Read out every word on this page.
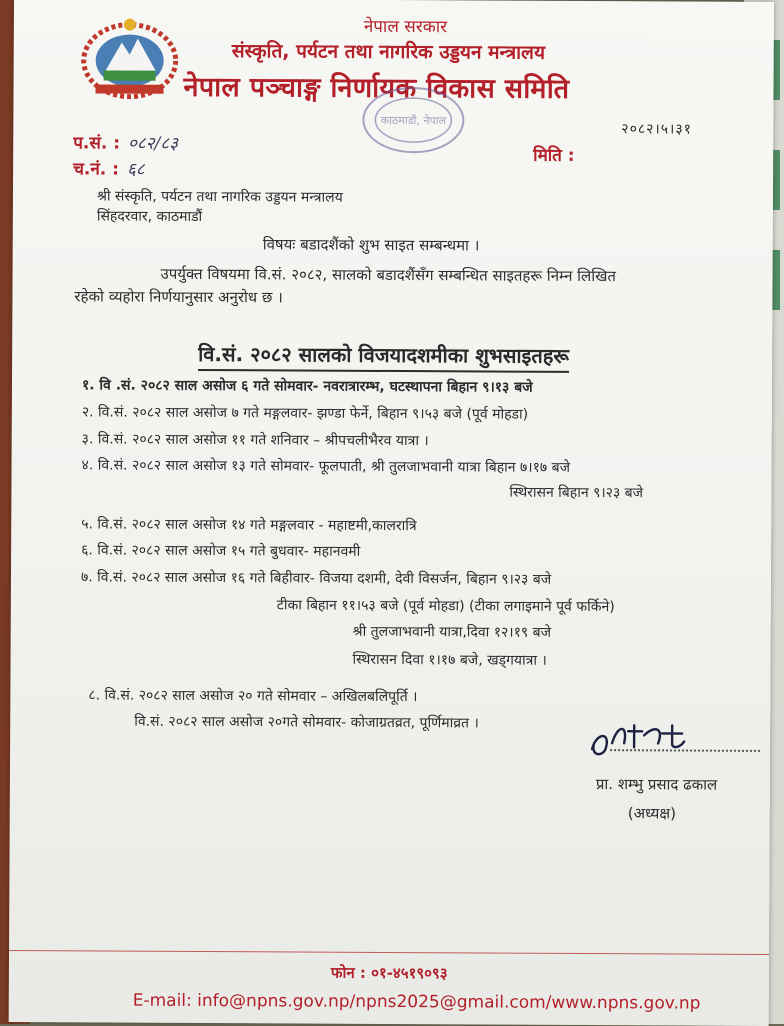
नेपाल सरकार
संस्कृति, पर्यटन तथा नागरिक उड्डयन मन्त्रालय
नेपाल पञ्चाङ्ग निर्णायक विकास समिति
काठमाडौं, नेपाल
प.सं. : ०८२/८३
च.नं. : ६८
२०८२।५।३१
मिति :
श्री संस्कृति, पर्यटन तथा नागरिक उड्डयन मन्त्रालय
सिंहदरवार, काठमाडौं
विषयः बडादशैंको शुभ साइत सम्बन्धमा ।
उपर्युक्त विषयमा वि.सं. २०८२, सालको बडादशैंसँग सम्बन्धित साइतहरू निम्न लिखित
रहेको व्यहोरा निर्णयानुसार अनुरोध छ ।
वि.सं. २०८२ सालको विजयादशमीका शुभसाइतहरू
१. वि .सं. २०८२ साल असोज ६ गते सोमवार- नवरात्रारम्भ, घटस्थापना बिहान ९।१३ बजे
२. वि.सं. २०८२ साल असोज ७ गते मङ्गलवार- झण्डा फेर्ने, बिहान ९।५३ बजे (पूर्व मोहडा)
३. वि.सं. २०८२ साल असोज ११ गते शनिवार – श्रीपचलीभैरव यात्रा ।
४. वि.सं. २०८२ साल असोज १३ गते सोमवार- फूलपाती, श्री तुलजाभवानी यात्रा बिहान ७।१७ बजे
स्थिरासन बिहान ९।२३ बजे
५. वि.सं. २०८२ साल असोज १४ गते मङ्गलवार - महाष्टमी,कालरात्रि
६. वि.सं. २०८२ साल असोज १५ गते बुधवार- महानवमी
७. वि.सं. २०८२ साल असोज १६ गते बिहीवार- विजया दशमी, देवी विसर्जन, बिहान ९।२३ बजे
टीका बिहान ११।५३ बजे (पूर्व मोहडा) (टीका लगाइमाने पूर्व फर्किने)
श्री तुलजाभवानी यात्रा,दिवा १२।१९ बजे
स्थिरासन दिवा १।१७ बजे, खड्गयात्रा ।
८. वि.सं. २०८२ साल असोज २० गते सोमवार – अखिलबलिपूर्ति ।
वि.सं. २०८२ साल असोज २०गते सोमवार- कोजाग्रतव्रत, पूर्णिमाव्रत ।
प्रा. शम्भु प्रसाद ढकाल
(अध्यक्ष)
फोन : ०१-४५१९०९३
E-mail: info@npns.gov.np/npns2025@gmail.com/www.npns.gov.np
